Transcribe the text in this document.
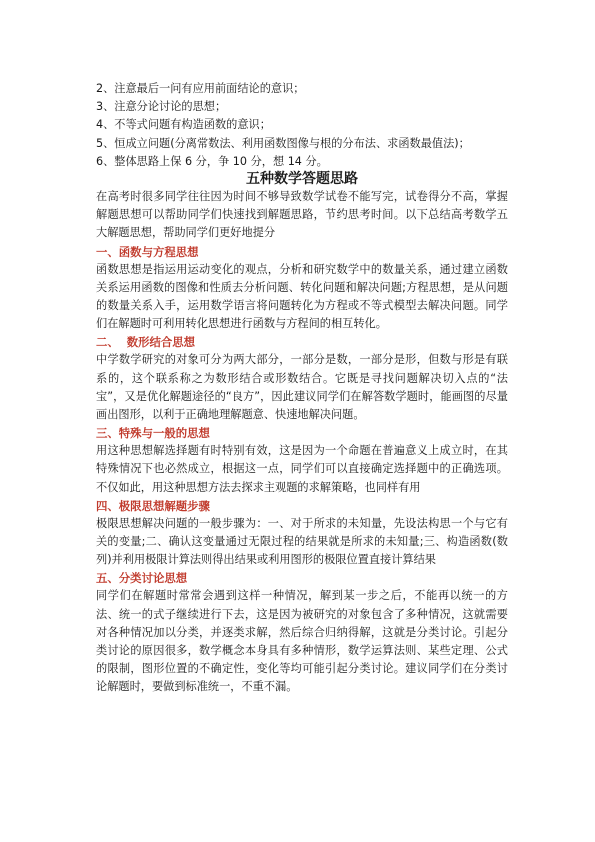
2、注意最后一问有应用前面结论的意识；
3、注意分论讨论的思想；
4、不等式问题有构造函数的意识；
5、恒成立问题(分离常数法、利用函数图像与根的分布法、求函数最值法)；
6、整体思路上保 6 分，争 10 分，想 14 分。
五种数学答题思路

在高考时很多同学往往因为时间不够导致数学试卷不能写完，试卷得分不高，掌握解题思想可以帮助同学们快速找到解题思路，节约思考时间。以下总结高考数学五大解题思想，帮助同学们更好地提分

一、函数与方程思想

函数思想是指运用运动变化的观点，分析和研究数学中的数量关系，通过建立函数关系运用函数的图像和性质去分析问题、转化问题和解决问题;方程思想，是从问题的数量关系入手，运用数学语言将问题转化为方程或不等式模型去解决问题。同学们在解题时可利用转化思想进行函数与方程间的相互转化。

二、  数形结合思想

中学数学研究的对象可分为两大部分，一部分是数，一部分是形，但数与形是有联系的，这个联系称之为数形结合或形数结合。它既是寻找问题解决切入点的“法宝”，又是优化解题途径的“良方”，因此建议同学们在解答数学题时，能画图的尽量画出图形，以利于正确地理解题意、快速地解决问题。

三、特殊与一般的思想

用这种思想解选择题有时特别有效，这是因为一个命题在普遍意义上成立时，在其特殊情况下也必然成立，根据这一点，同学们可以直接确定选择题中的正确选项。不仅如此，用这种思想方法去探求主观题的求解策略，也同样有用

四、极限思想解题步骤

极限思想解决问题的一般步骤为：一、对于所求的未知量，先设法构思一个与它有关的变量;二、确认这变量通过无限过程的结果就是所求的未知量;三、构造函数(数列)并利用极限计算法则得出结果或利用图形的极限位置直接计算结果

五、分类讨论思想

同学们在解题时常常会遇到这样一种情况，解到某一步之后，不能再以统一的方法、统一的式子继续进行下去，这是因为被研究的对象包含了多种情况，这就需要对各种情况加以分类，并逐类求解，然后综合归纳得解，这就是分类讨论。引起分类讨论的原因很多，数学概念本身具有多种情形，数学运算法则、某些定理、公式的限制，图形位置的不确定性，变化等均可能引起分类讨论。建议同学们在分类讨论解题时，要做到标准统一，不重不漏。
